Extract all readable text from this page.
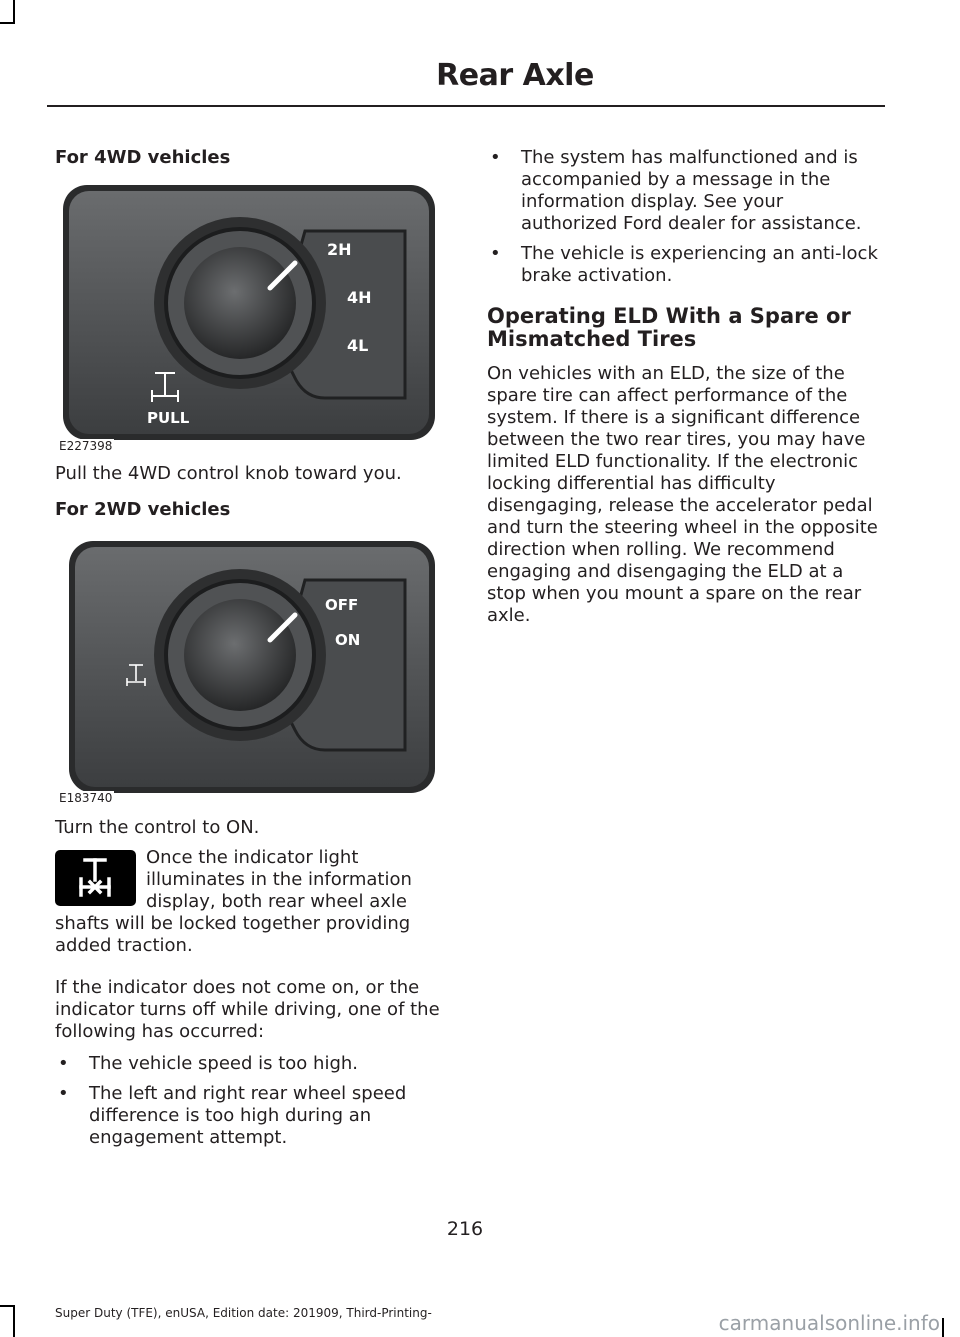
Rear Axle

For 4WD vehicles

2H
4H
4L
PULL
E227398

Pull the 4WD control knob toward you.

For 2WD vehicles

OFF
ON
E183740

Turn the control to ON.

Once the indicator light illuminates in the information display, both rear wheel axle shafts will be locked together providing added traction.

If the indicator does not come on, or the indicator turns off while driving, one of the following has occurred:

• The vehicle speed is too high.
• The left and right rear wheel speed difference is too high during an engagement attempt.
• The system has malfunctioned and is accompanied by a message in the information display. See your authorized Ford dealer for assistance.
• The vehicle is experiencing an anti-lock brake activation.

Operating ELD With a Spare or Mismatched Tires

On vehicles with an ELD, the size of the spare tire can affect performance of the system. If there is a significant difference between the two rear tires, you may have limited ELD functionality. If the electronic locking differential has difficulty disengaging, release the accelerator pedal and turn the steering wheel in the opposite direction when rolling. We recommend engaging and disengaging the ELD at a stop when you mount a spare on the rear axle.

216
Super Duty (TFE), enUSA, Edition date: 201909, Third-Printing-	carmanualsonline.info
